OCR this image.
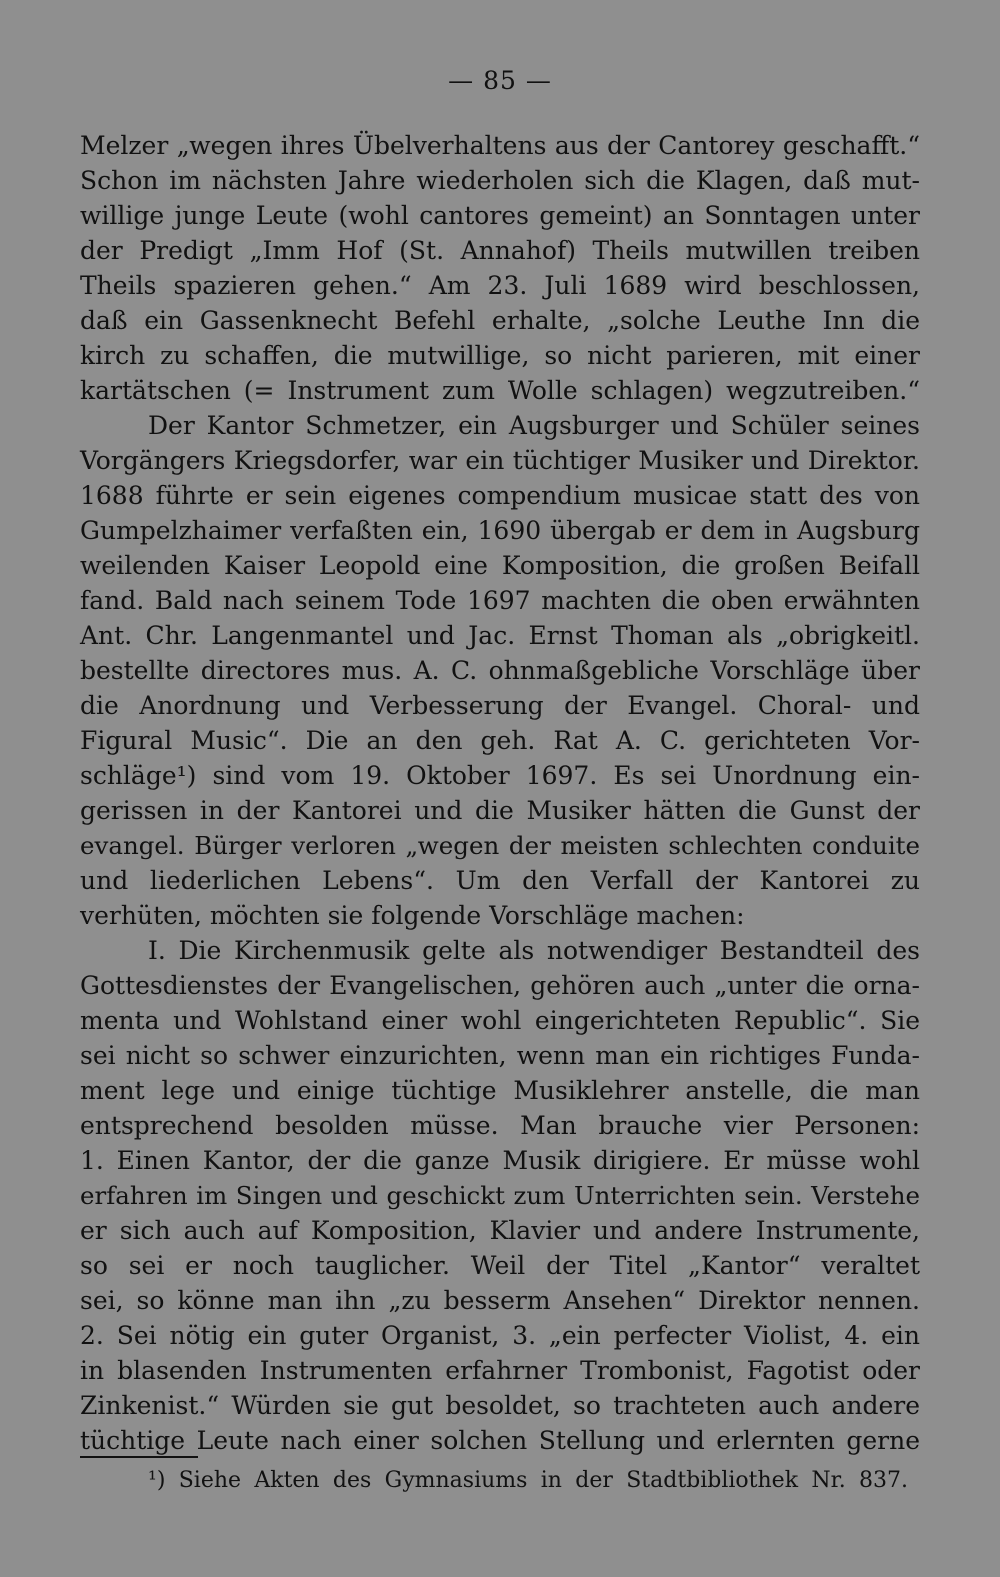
— 85 —
Melzer „wegen ihres Übelverhaltens aus der Cantorey geschafft.“
Schon im nächsten Jahre wiederholen sich die Klagen, daß mut-
willige junge Leute (wohl cantores gemeint) an Sonntagen unter
der Predigt „Imm Hof (St. Annahof) Theils mutwillen treiben
Theils spazieren gehen.“ Am 23. Juli 1689 wird beschlossen,
daß ein Gassenknecht Befehl erhalte, „solche Leuthe Inn die
kirch zu schaffen, die mutwillige, so nicht parieren, mit einer
kartätschen (= Instrument zum Wolle schlagen) wegzutreiben.“
Der Kantor Schmetzer, ein Augsburger und Schüler seines
Vorgängers Kriegsdorfer, war ein tüchtiger Musiker und Direktor.
1688 führte er sein eigenes compendium musicae statt des von
Gumpelzhaimer verfaßten ein, 1690 übergab er dem in Augsburg
weilenden Kaiser Leopold eine Komposition, die großen Beifall
fand. Bald nach seinem Tode 1697 machten die oben erwähnten
Ant. Chr. Langenmantel und Jac. Ernst Thoman als „obrigkeitl.
bestellte directores mus. A. C. ohnmaßgebliche Vorschläge über
die Anordnung und Verbesserung der Evangel. Choral- und
Figural Music“. Die an den geh. Rat A. C. gerichteten Vor-
schläge¹) sind vom 19. Oktober 1697. Es sei Unordnung ein-
gerissen in der Kantorei und die Musiker hätten die Gunst der
evangel. Bürger verloren „wegen der meisten schlechten conduite
und liederlichen Lebens“. Um den Verfall der Kantorei zu
verhüten, möchten sie folgende Vorschläge machen:
I. Die Kirchenmusik gelte als notwendiger Bestandteil des
Gottesdienstes der Evangelischen, gehören auch „unter die orna-
menta und Wohlstand einer wohl eingerichteten Republic“. Sie
sei nicht so schwer einzurichten, wenn man ein richtiges Funda-
ment lege und einige tüchtige Musiklehrer anstelle, die man
entsprechend besolden müsse. Man brauche vier Personen:
1. Einen Kantor, der die ganze Musik dirigiere. Er müsse wohl
erfahren im Singen und geschickt zum Unterrichten sein. Verstehe
er sich auch auf Komposition, Klavier und andere Instrumente,
so sei er noch tauglicher. Weil der Titel „Kantor“ veraltet
sei, so könne man ihn „zu besserm Ansehen“ Direktor nennen.
2. Sei nötig ein guter Organist, 3. „ein perfecter Violist, 4. ein
in blasenden Instrumenten erfahrner Trombonist, Fagotist oder
Zinkenist.“ Würden sie gut besoldet, so trachteten auch andere
tüchtige Leute nach einer solchen Stellung und erlernten gerne
¹) Siehe Akten des Gymnasiums in der Stadtbibliothek Nr. 837.
